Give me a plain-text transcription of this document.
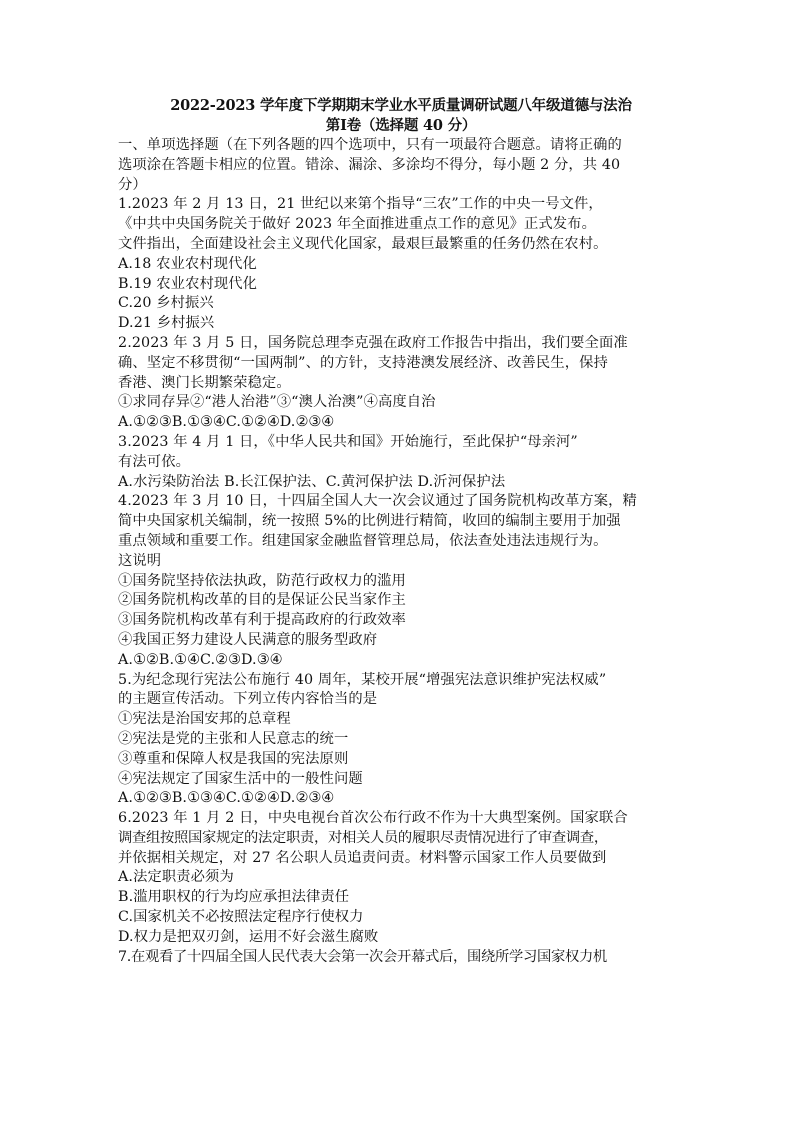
2022-2023 学年度下学期期末学业水平质量调研试题八年级道德与法治
第Ⅰ卷（选择题 40 分）
一、单项选择题（在下列各题的四个选项中，只有一项最符合题意。请将正确的
选项涂在答题卡相应的位置。错涂、漏涂、多涂均不得分，每小题 2 分，共 40
分）
1.2023 年 2 月 13 日，21 世纪以来第个指导“三农”工作的中央一号文件，
《中共中央国务院关于做好 2023 年全面推进重点工作的意见》正式发布。
文件指出，全面建设社会主义现代化国家，最艰巨最繁重的任务仍然在农村。
A.18 农业农村现代化
B.19 农业农村现代化
C.20 乡村振兴
D.21 乡村振兴
2.2023 年 3 月 5 日，国务院总理李克强在政府工作报告中指出，我们要全面准
确、坚定不移贯彻“一国两制”、的方针，支持港澳发展经济、改善民生，保持
香港、澳门长期繁荣稳定。
①求同存异②“港人治港”③“澳人治澳”④高度自治
A.①②③B.①③④C.①②④D.②③④
3.2023 年 4 月 1 日，《中华人民共和国》开始施行，至此保护“母亲河”
有法可依。
A.水污染防治法 B.长江保护法、C.黄河保护法 D.沂河保护法
4.2023 年 3 月 10 日，十四届全国人大一次会议通过了国务院机构改革方案，精
简中央国家机关编制，统一按照 5%的比例进行精简，收回的编制主要用于加强
重点领域和重要工作。组建国家金融监督管理总局，依法查处违法违规行为。
这说明
①国务院坚持依法执政，防范行政权力的滥用
②国务院机构改革的目的是保证公民当家作主
③国务院机构改革有利于提高政府的行政效率
④我国正努力建设人民满意的服务型政府
A.①②B.①④C.②③D.③④
5.为纪念现行宪法公布施行 40 周年，某校开展“增强宪法意识维护宪法权威”
的主题宣传活动。下列立传内容恰当的是
①宪法是治国安邦的总章程
②宪法是党的主张和人民意志的统一
③尊重和保障人权是我国的宪法原则
④宪法规定了国家生活中的一般性问题
A.①②③B.①③④C.①②④D.②③④
6.2023 年 1 月 2 日，中央电视台首次公布行政不作为十大典型案例。国家联合
调查组按照国家规定的法定职责，对相关人员的履职尽责情况进行了审查调查，
并依据相关规定，对 27 名公职人员追责问责。材料警示国家工作人员要做到
A.法定职责必须为
B.滥用职权的行为均应承担法律责任
C.国家机关不必按照法定程序行使权力
D.权力是把双刃剑，运用不好会滋生腐败
7.在观看了十四届全国人民代表大会第一次会开幕式后，围绕所学习国家权力机
